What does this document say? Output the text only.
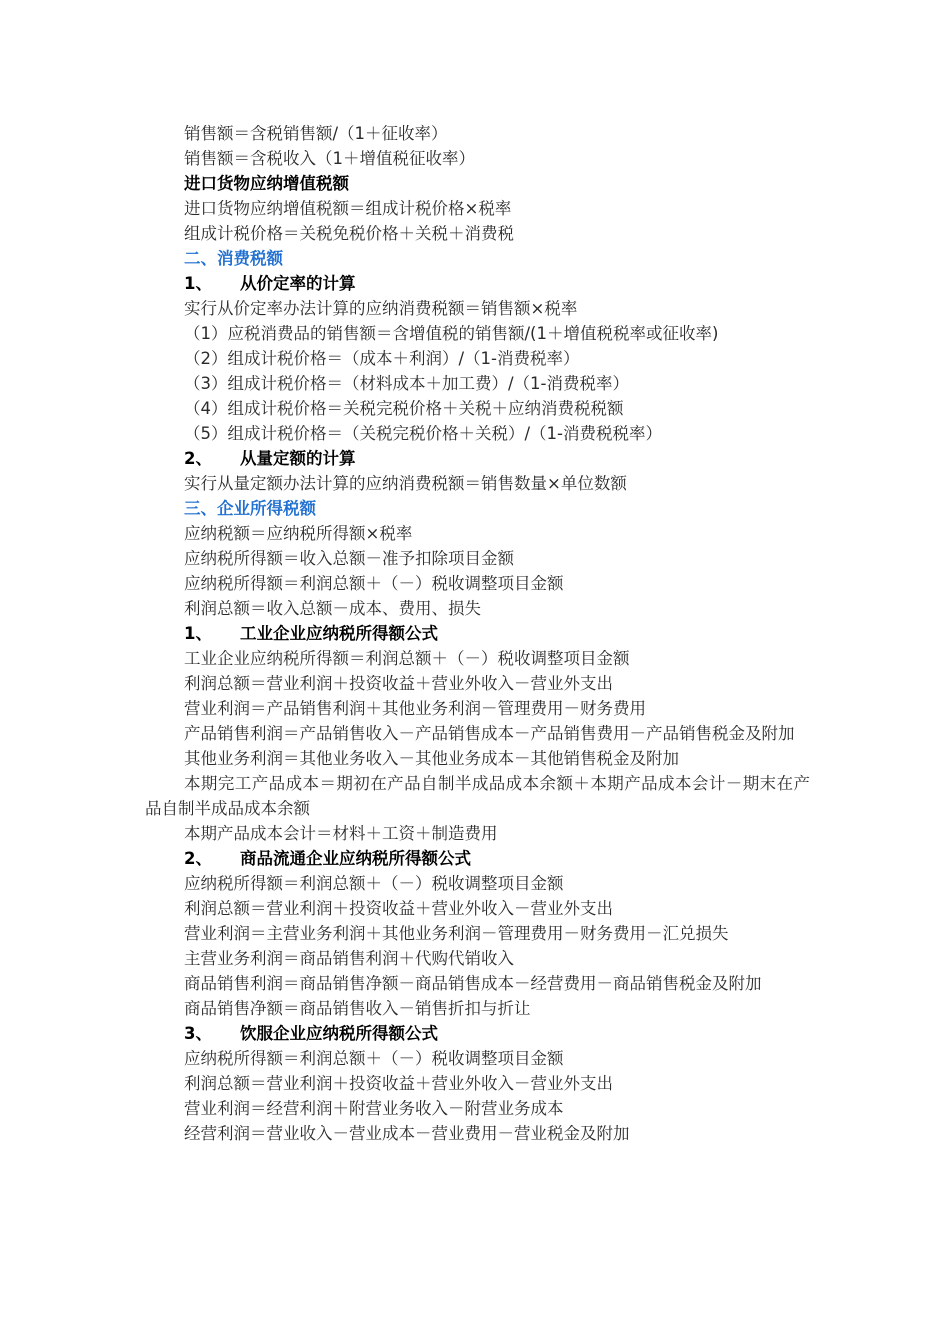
销售额＝含税销售额/（1＋征收率）
销售额＝含税收入（1＋增值税征收率）
进口货物应纳增值税额
进口货物应纳增值税额＝组成计税价格×税率
组成计税价格＝关税免税价格＋关税＋消费税
二、消费税额
1、 从价定率的计算
实行从价定率办法计算的应纳消费税额＝销售额×税率
（1）应税消费品的销售额＝含增值税的销售额/(1＋增值税税率或征收率)
（2）组成计税价格＝（成本＋利润）/（1-消费税率）
（3）组成计税价格＝（材料成本＋加工费）/（1-消费税率）
（4）组成计税价格＝关税完税价格＋关税＋应纳消费税税额
（5）组成计税价格＝（关税完税价格＋关税）/（1-消费税税率）
2、 从量定额的计算
实行从量定额办法计算的应纳消费税额＝销售数量×单位数额
三、企业所得税额
应纳税额＝应纳税所得额×税率
应纳税所得额＝收入总额－准予扣除项目金额
应纳税所得额＝利润总额＋（－）税收调整项目金额
利润总额＝收入总额－成本、费用、损失
1、 工业企业应纳税所得额公式
工业企业应纳税所得额＝利润总额＋（－）税收调整项目金额
利润总额＝营业利润＋投资收益＋营业外收入－营业外支出
营业利润＝产品销售利润＋其他业务利润－管理费用－财务费用
产品销售利润＝产品销售收入－产品销售成本－产品销售费用－产品销售税金及附加
其他业务利润＝其他业务收入－其他业务成本－其他销售税金及附加
本期完工产品成本＝期初在产品自制半成品成本余额＋本期产品成本会计－期末在产品自制半成品成本余额
本期产品成本会计＝材料＋工资＋制造费用
2、 商品流通企业应纳税所得额公式
应纳税所得额＝利润总额＋（－）税收调整项目金额
利润总额＝营业利润＋投资收益＋营业外收入－营业外支出
营业利润＝主营业务利润＋其他业务利润－管理费用－财务费用－汇兑损失
主营业务利润＝商品销售利润＋代购代销收入
商品销售利润＝商品销售净额－商品销售成本－经营费用－商品销售税金及附加
商品销售净额＝商品销售收入－销售折扣与折让
3、 饮服企业应纳税所得额公式
应纳税所得额＝利润总额＋（－）税收调整项目金额
利润总额＝营业利润＋投资收益＋营业外收入－营业外支出
营业利润＝经营利润＋附营业务收入－附营业务成本
经营利润＝营业收入－营业成本－营业费用－营业税金及附加
